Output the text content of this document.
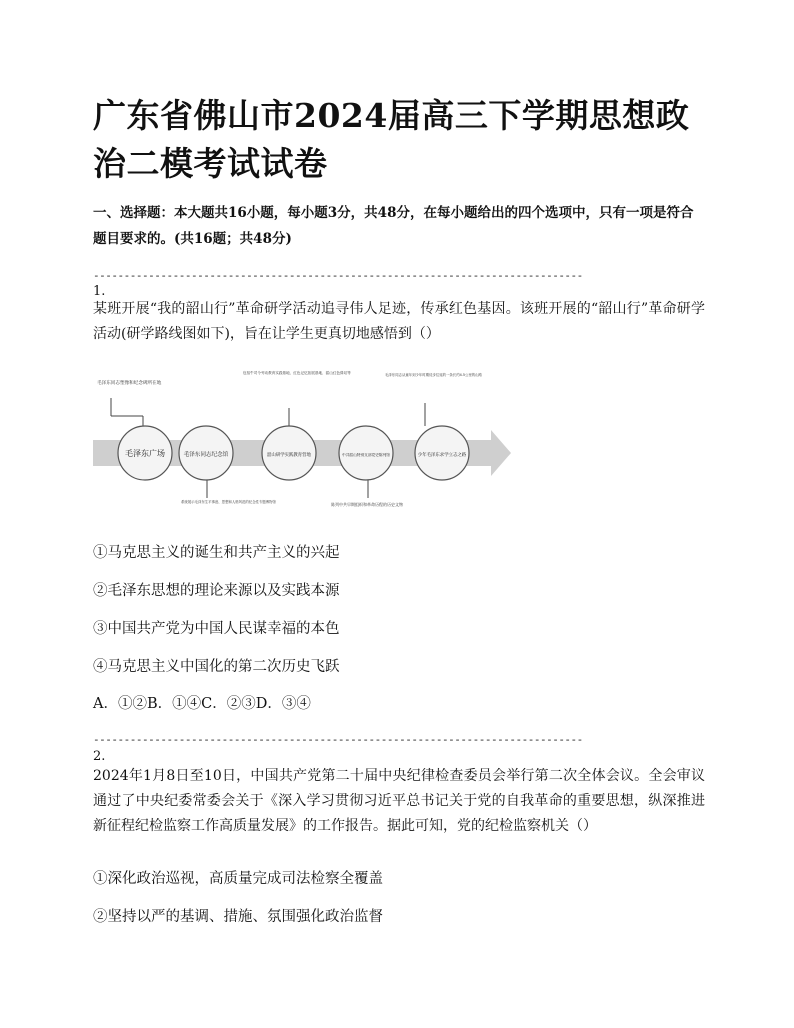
广东省佛山市2024届高三下学期思想政治二模考试试卷

一、选择题：本大题共16小题，每小题3分，共48分，在每小题给出的四个选项中，只有一项是符合题目要求的。(共16题；共48分)

--------------------------------------------------------------------------------
1.

某班开展“我的韶山行”革命研学活动追寻伟人足迹，传承红色基因。该班开展的“韶山行”革命研学活动(研学路线图如下)，旨在让学生更真切地感悟到（）

毛泽东广场	毛泽东同志纪念馆	韶山研学实践教育营地	中共韶山特别支部党史陈列馆	少年毛泽东求学立志之路
毛泽东同志塑像和纪念碑所在地
包括牛司令劳动教育实践基地、红色记忆拓展基地、韶山红色驿站等	毛泽东同志从童年到少年时期徒步往返的一条长约4.5公里的山路
系统展示毛泽东生平事迹、思想和人格风范的纪念性专题博物馆	陈列中共早期组织和革命历程的历史文物
①马克思主义的诞生和共产主义的兴起
②毛泽东思想的理论来源以及实践本源
③中国共产党为中国人民谋幸福的本色
④马克思主义中国化的第二次历史飞跃
A．①②B．①④C．②③D．③④
--------------------------------------------------------------------------------
2.

2024年1月8日至10日，中国共产党第二十届中央纪律检查委员会举行第二次全体会议。全会审议通过了中央纪委常委会关于《深入学习贯彻习近平总书记关于党的自我革命的重要思想，纵深推进新征程纪检监察工作高质量发展》的工作报告。据此可知，党的纪检监察机关（）

①深化政治巡视，高质量完成司法检察全覆盖
②坚持以严的基调、措施、氛围强化政治监督
